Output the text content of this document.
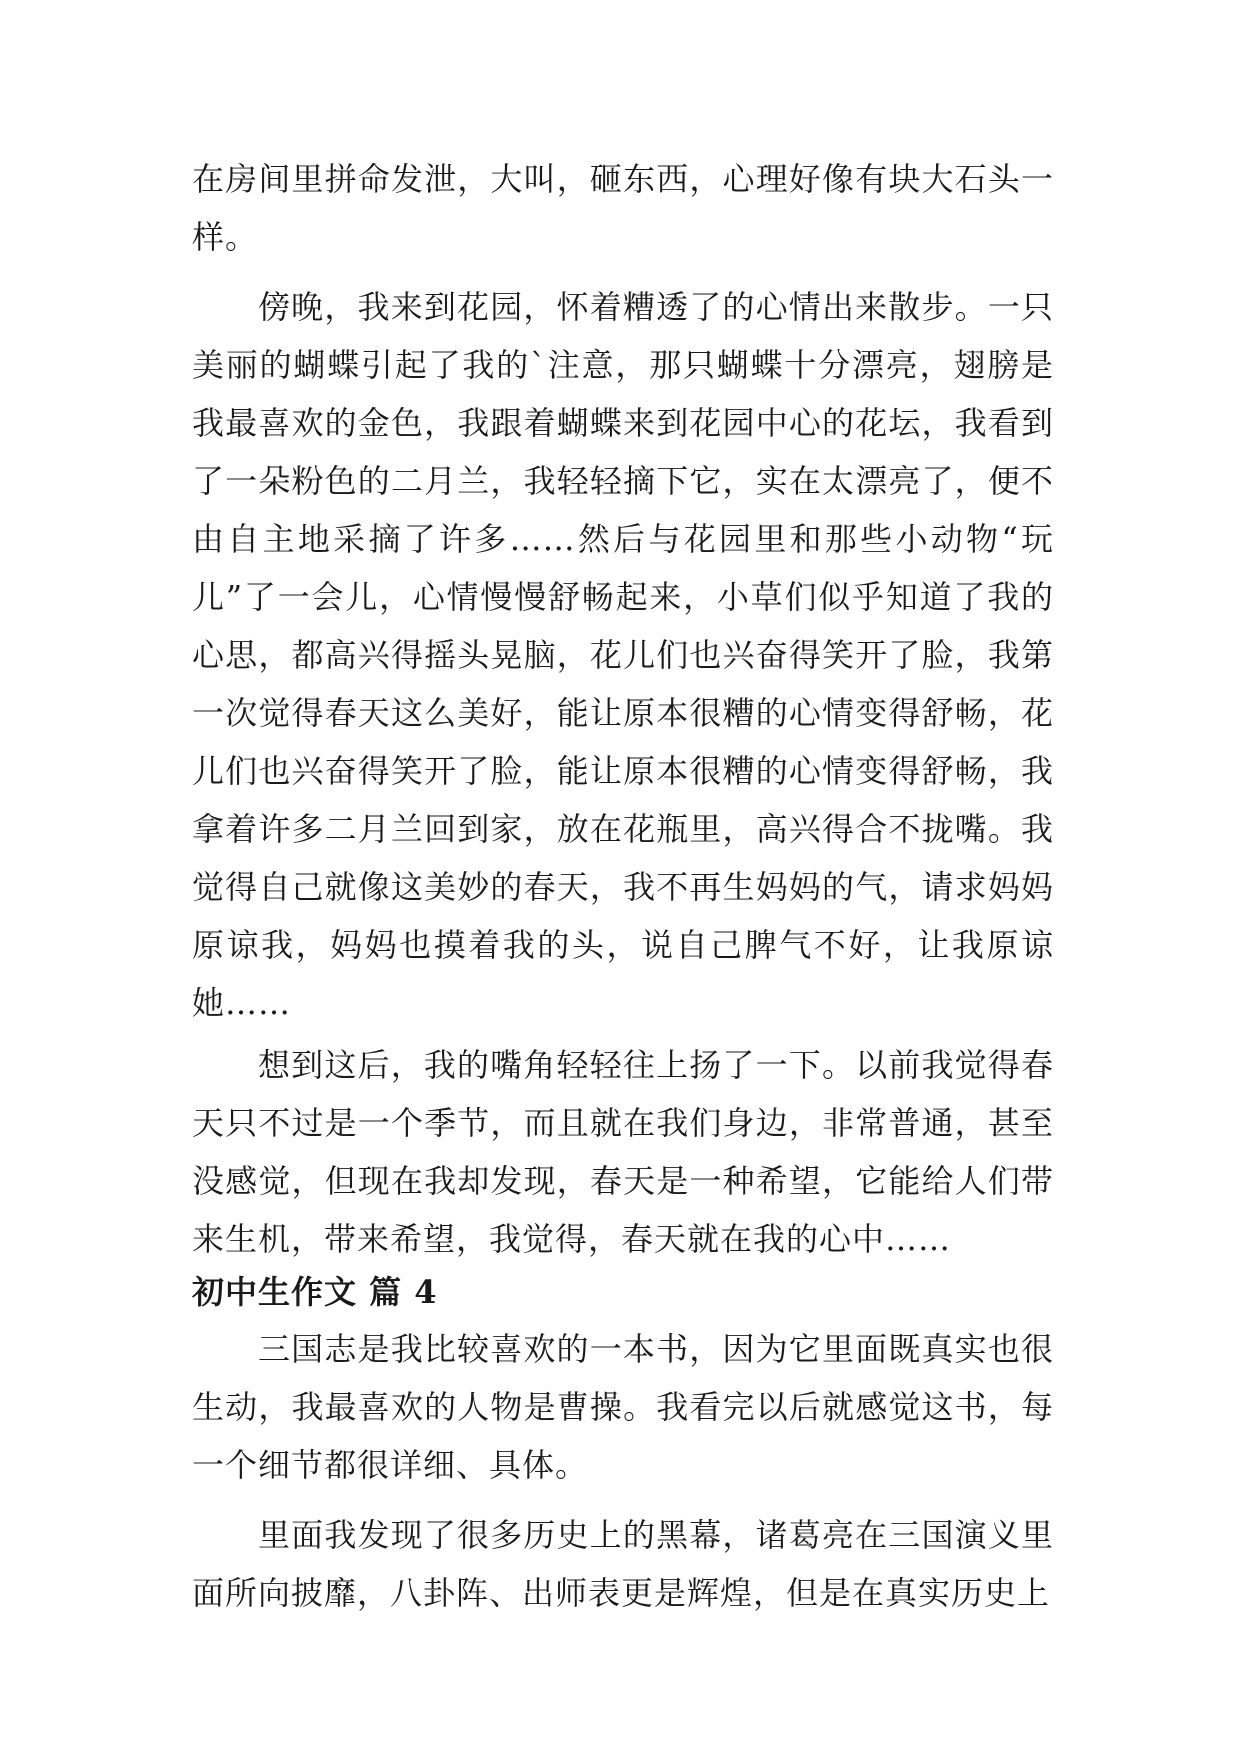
在房间里拼命发泄，大叫，砸东西，心理好像有块大石头一样。

傍晚，我来到花园，怀着糟透了的心情出来散步。一只美丽的蝴蝶引起了我的`注意，那只蝴蝶十分漂亮，翅膀是我最喜欢的金色，我跟着蝴蝶来到花园中心的花坛，我看到了一朵粉色的二月兰，我轻轻摘下它，实在太漂亮了，便不由自主地采摘了许多……然后与花园里和那些小动物“玩儿”了一会儿，心情慢慢舒畅起来，小草们似乎知道了我的心思，都高兴得摇头晃脑，花儿们也兴奋得笑开了脸，我第一次觉得春天这么美好，能让原本很糟的心情变得舒畅，花儿们也兴奋得笑开了脸，能让原本很糟的心情变得舒畅，我拿着许多二月兰回到家，放在花瓶里，高兴得合不拢嘴。我觉得自己就像这美妙的春天，我不再生妈妈的气，请求妈妈原谅我，妈妈也摸着我的头，说自己脾气不好，让我原谅她……

想到这后，我的嘴角轻轻往上扬了一下。以前我觉得春天只不过是一个季节，而且就在我们身边，非常普通，甚至没感觉，但现在我却发现，春天是一种希望，它能给人们带来生机，带来希望，我觉得，春天就在我的心中……

初中生作文 篇 4

三国志是我比较喜欢的一本书，因为它里面既真实也很生动，我最喜欢的人物是曹操。我看完以后就感觉这书，每一个细节都很详细、具体。

里面我发现了很多历史上的黑幕，诸葛亮在三国演义里面所向披靡，八卦阵、出师表更是辉煌，但是在真实历史上
